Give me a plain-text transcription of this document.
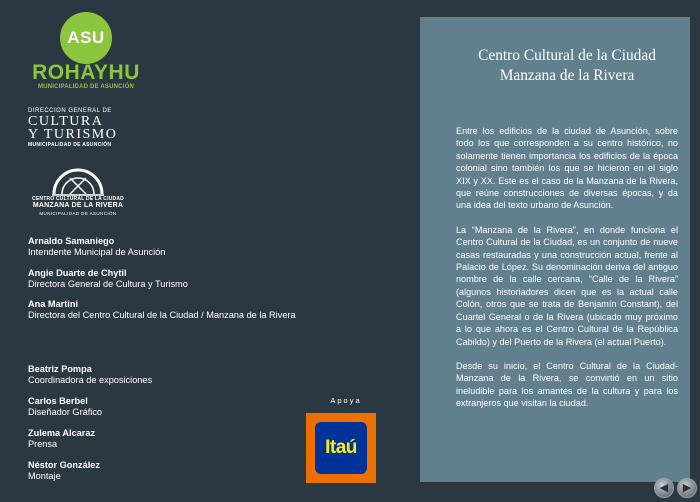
ASU
ROHAYHU
MUNICIPALIDAD DE ASUNCIÓN
DIRECCION GENERAL DE
CULTURA
Y TURISMO
MUNICIPALIDAD DE ASUNCIÓN
CENTRO CULTURAL DE LA CIUDAD
MANZANA DE LA RIVERA
MUNICIPALIDAD DE ASUNCIÓN
Arnaldo Samaniego
Intendente Municipal de Asunción
Angie Duarte de Chytil
Directora General de Cultura y Turismo
Ana Martini
Directora del Centro Cultural de la Ciudad / Manzana de la Rivera
Beatriz Pompa
Coordinadora de exposiciones
Carlos Berbel
Diseñador Gráfico
Zulema Alcaraz
Prensa
Néstor González
Montaje
Apoya
Itaú
Centro Cultural de la Ciudad
Manzana de la Rivera

Entre los edificios de la ciudad de Asunción, sobre todo los que corresponden a su centro histórico, no solamente tienen importancia los edificios de la época colonial sino también los que se hicieron en el siglo XIX y XX. Este es el caso de la Manzana de la Rivera, que reúne construcciones de diversas épocas, y da una idea del texto urbano de Asunción.

La “Manzana de la Rivera”, en donde funciona el Centro Cultural de la Ciudad, es un conjunto de nueve casas restauradas y una construcción actual, frente al Palacio de López. Su denominación deriva del antiguo nombre de la calle cercana, “Calle de la Rivera” (algunos historiadores dicen que es la actual calle Colón, otros que se trata de Benjamín Constant), del Cuartel General o de la Rivera (ubicado muy próximo a lo que ahora es el Centro Cultural de la República Cabildo) y del Puerto de la Rivera (el actual Puerto).

Desde su inicio, el Centro Cultural de la Ciudad-Manzana de la Rivera, se convirtió en un sitio ineludible para los amantes de la cultura y para los extranjeros que visitan la ciudad.

◀ ▶
